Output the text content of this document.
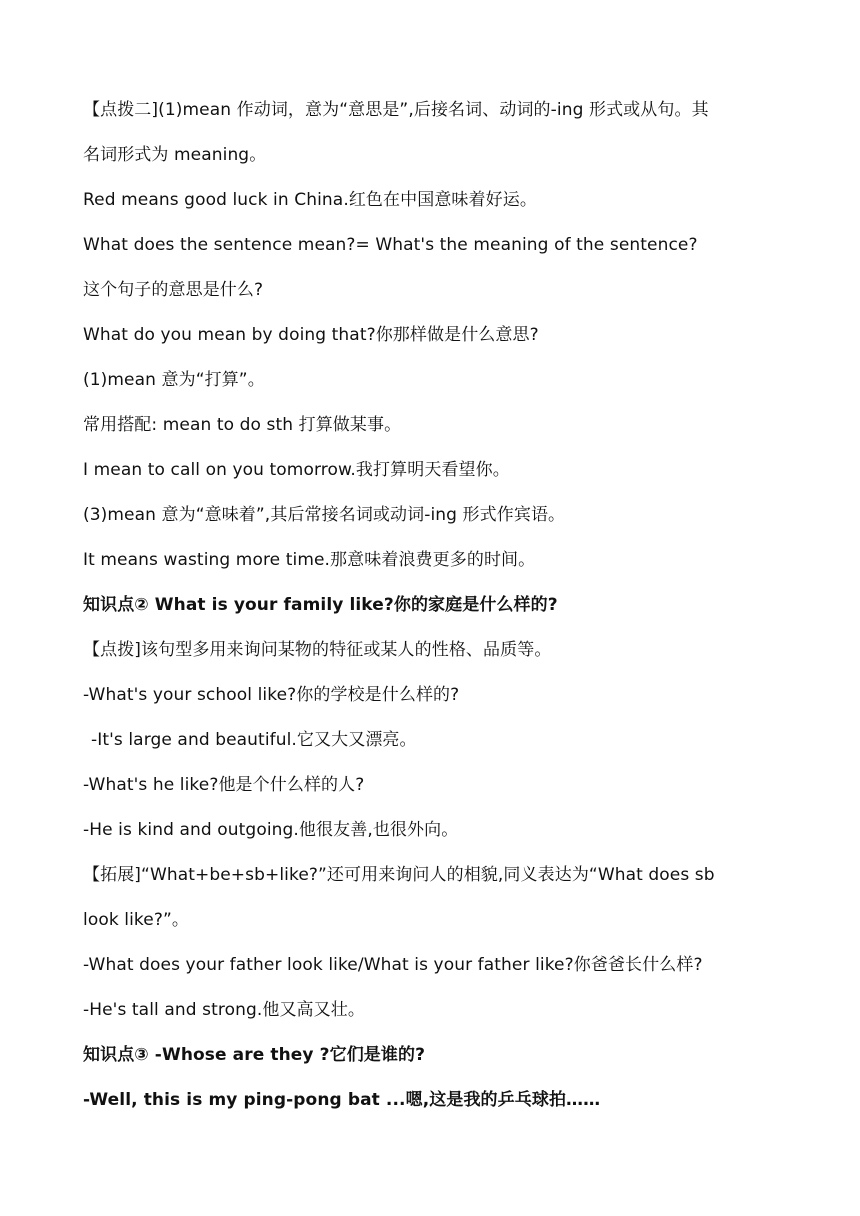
【点拨二](1)mean 作动词，意为“意思是”,后接名词、动词的-ing 形式或从句。其
名词形式为 meaning。
Red means good luck in China.红色在中国意味着好运。
What does the sentence mean?= What's the meaning of the sentence?
这个句子的意思是什么?
What do you mean by doing that?你那样做是什么意思?
(1)mean 意为“打算”。
常用搭配: mean to do sth 打算做某事。
I mean to call on you tomorrow.我打算明天看望你。
(3)mean 意为“意味着”,其后常接名词或动词-ing 形式作宾语。
It means wasting more time.那意味着浪费更多的时间。
知识点② What is your family like?你的家庭是什么样的?
【点拨]该句型多用来询问某物的特征或某人的性格、品质等。
-What's your school like?你的学校是什么样的?
-It's large and beautiful.它又大又漂亮。
-What's he like?他是个什么样的人?
-He is kind and outgoing.他很友善,也很外向。
【拓展]“What+be+sb+like?”还可用来询问人的相貌,同义表达为“What does sb
look like?”。
-What does your father look like/What is your father like?你爸爸长什么样?
-He's tall and strong.他又高又壮。
知识点③ -Whose are they ?它们是谁的?
-Well, this is my ping-pong bat ...嗯,这是我的乒乓球拍……
